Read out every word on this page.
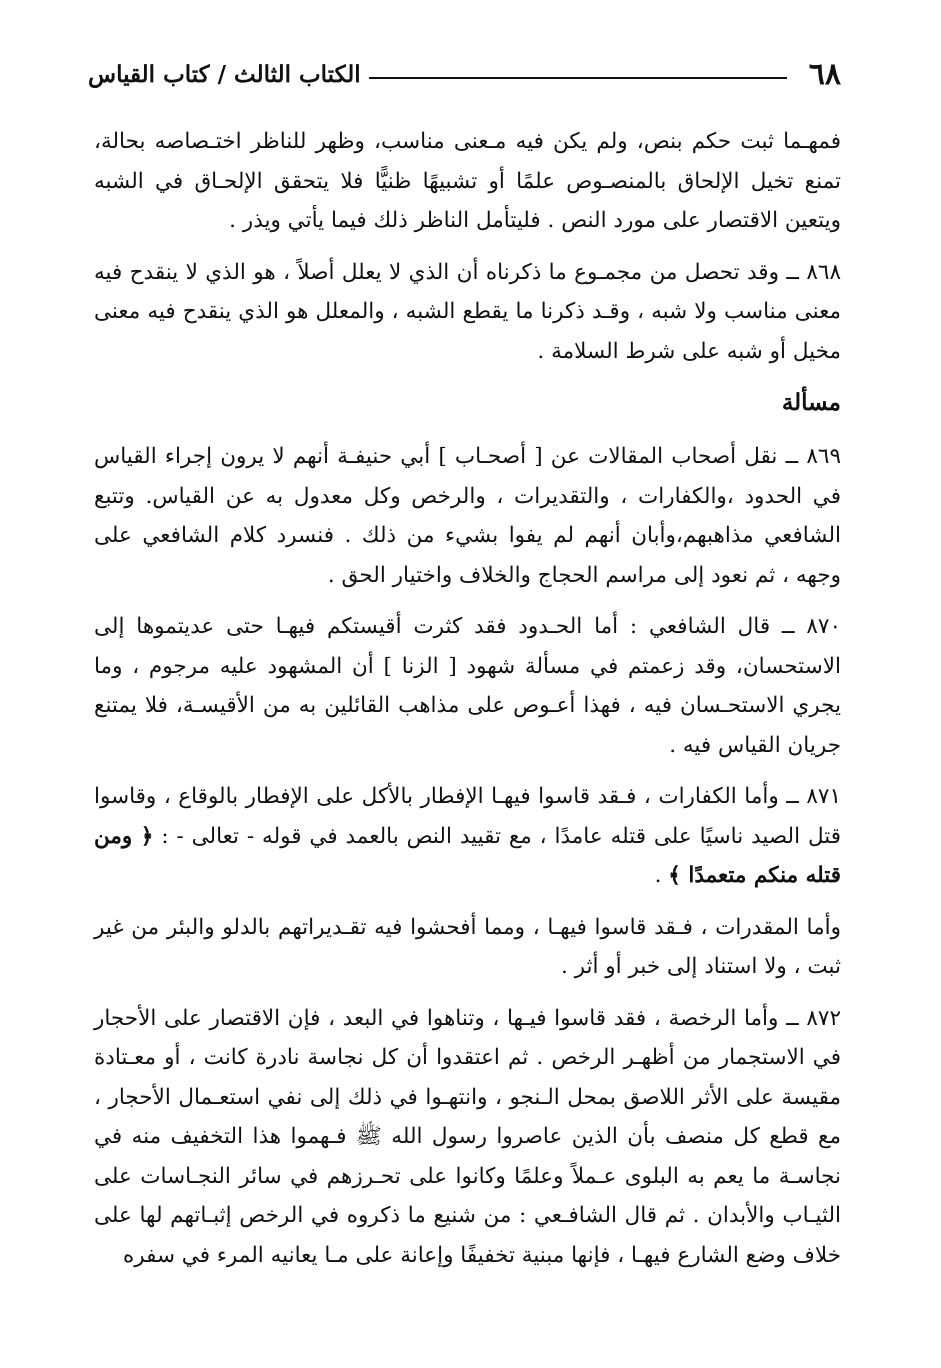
٦٨
الكتاب الثالث / كتاب القياس

فمهـما ثبت حكم بنص، ولم يكن فيه مـعنى مناسب، وظهر للناظر اختـصاصه بحالة، تمنع تخيل الإلحاق بالمنصـوص علمًا أو تشبيهًا ظنيًّا فلا يتحقق الإلحـاق في الشبه ويتعين الاقتصار على مورد النص . فليتأمل الناظر ذلك فيما يأتي ويذر .

٨٦٨ ــ وقد تحصل من مجمـوع ما ذكرناه أن الذي لا يعلل أصلاً ، هو الذي لا ينقدح فيه معنى مناسب ولا شبه ، وقـد ذكرنا ما يقطع الشبه ، والمعلل هو الذي ينقدح فيه معنى مخيل أو شبه على شرط السلامة .

مسألة

٨٦٩ ــ نقل أصحاب المقالات عن [ أصحـاب ] أبي حنيفـة أنهم لا يرون إجراء القياس في الحدود ،والكفارات ، والتقديرات ، والرخص وكل معدول به عن القياس. وتتبع الشافعي مذاهبهم،وأبان أنهم لم يفوا بشيء من ذلك . فنسرد كلام الشافعي على وجهه ، ثم نعود إلى مراسم الحجاج والخلاف واختيار الحق .

٨٧٠ ــ قال الشافعي : أما الحـدود فقد كثرت أقيستكم فيهـا حتى عديتموها إلى الاستحسان، وقد زعمتم في مسألة شهود [ الزنا ] أن المشهود عليه مرجوم ، وما يجري الاستحـسان فيه ، فهذا أعـوص على مذاهب القائلين به من الأقيسـة، فلا يمتنع جريان القياس فيه .

٨٧١ ــ وأما الكفارات ، فـقد قاسوا فيهـا الإفطار بالأكل على الإفطار بالوقاع ، وقاسوا قتل الصيد ناسيًا على قتله عامدًا ، مع تقييد النص بالعمد في قوله - تعالى - : ﴿ ومن قتله منكم متعمدًا ﴾ .

وأما المقدرات ، فـقد قاسوا فيهـا ، ومما أفحشوا فيه تقـديراتهم بالدلو والبئر من غير ثبت ، ولا استناد إلى خبر أو أثر .

٨٧٢ ــ وأما الرخصة ، فقد قاسوا فيـها ، وتناهوا في البعد ، فإن الاقتصار على الأحجار في الاستجمار من أظهـر الرخص . ثم اعتقدوا أن كل نجاسة نادرة كانت ، أو معـتادة مقيسة على الأثر اللاصق بمحل الـنجو ، وانتهـوا في ذلك إلى نفي استعـمال الأحجار ، مع قطع كل منصف بأن الذين عاصروا رسول الله ﷺ فـهموا هذا التخفيف منه في نجاسـة ما يعم به البلوى عـملاً وعلمًا وكانوا على تحـرزهم في سائر النجـاسات على الثيـاب والأبدان . ثم قال الشافـعي : من شنيع ما ذكروه في الرخص إثبـاتهم لها على خلاف وضع الشارع فيهـا ، فإنها مبنية تخفيفًا وإعانة على مـا يعانيه المرء في سفره
